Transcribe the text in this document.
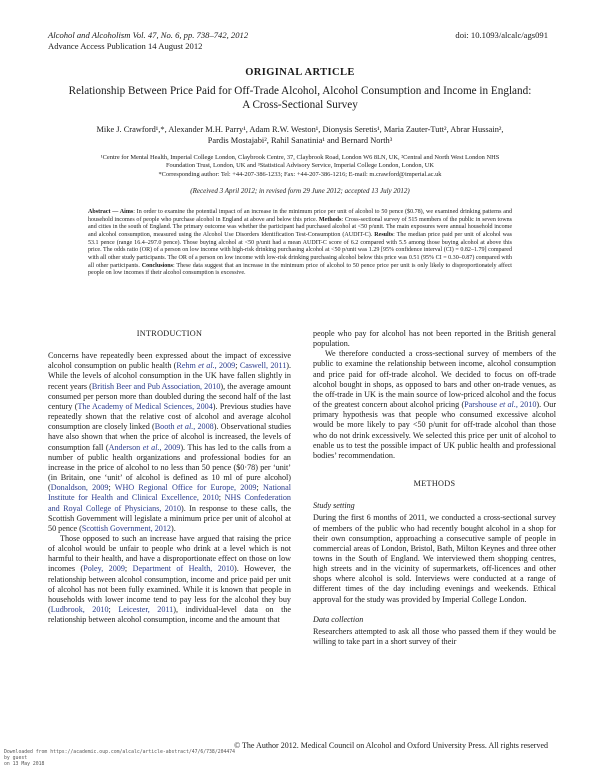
Alcohol and Alcoholism Vol. 47, No. 6, pp. 738–742, 2012
Advance Access Publication 14 August 2012
doi: 10.1093/alcalc/ags091
ORIGINAL ARTICLE
Relationship Between Price Paid for Off-Trade Alcohol, Alcohol Consumption and Income in England:
A Cross-Sectional Survey
Mike J. Crawford¹,*, Alexander M.H. Parry¹, Adam R.W. Weston¹, Dionysis Seretis¹, Maria Zauter-Tutt², Abrar Hussain²,
Pardis Mostajabi², Rahil Sanatinia¹ and Bernard North³
¹Centre for Mental Health, Imperial College London, Claybrook Centre, 37, Claybrook Road, London W6 8LN, UK, ²Central and North West London NHS
Foundation Trust, London, UK and ³Statistical Advisory Service, Imperial College London, London, UK
*Corresponding author: Tel: +44-207-386-1233; Fax: +44-207-386-1216; E-mail: m.crawford@imperial.ac.uk
(Received 3 April 2012; in revised form 29 June 2012; accepted 13 July 2012)
Abstract — Aims: In order to examine the potential impact of an increase in the minimum price per unit of alcohol to 50 pence ($0.78), we examined drinking patterns and household incomes of people who purchase alcohol in England at above and below this price. Methods: Cross-sectional survey of 515 members of the public in seven towns and cities in the south of England. The primary outcome was whether the participant had purchased alcohol at <50 p/unit. The main exposures were annual household income and alcohol consumption, measured using the Alcohol Use Disorders Identification Test-Consumption (AUDIT-C). Results: The median price paid per unit of alcohol was 53.1 pence (range 16.4–297.0 pence). Those buying alcohol at <50 p/unit had a mean AUDIT-C score of 6.2 compared with 5.5 among those buying alcohol at above this price. The odds ratio (OR) of a person on low income with high-risk drinking purchasing alcohol at <50 p/unit was 1.29 [95% confidence interval (CI) = 0.82–1.79] compared with all other study participants. The OR of a person on low income with low-risk drinking purchasing alcohol below this price was 0.51 (95% CI = 0.30–0.87) compared with all other participants. Conclusions: These data suggest that an increase in the minimum price of alcohol to 50 pence price per unit is only likely to disproportionately affect people on low incomes if their alcohol consumption is excessive.
INTRODUCTION

Concerns have repeatedly been expressed about the impact of excessive alcohol consumption on public health (Rehm et al., 2009; Caswell, 2011). While the levels of alcohol consumption in the UK have fallen slightly in recent years (British Beer and Pub Association, 2010), the average amount consumed per person more than doubled during the second half of the last century (The Academy of Medical Sciences, 2004). Previous studies have repeatedly shown that the relative cost of alcohol and average alcohol consumption are closely linked (Booth et al., 2008). Observational studies have also shown that when the price of alcohol is increased, the levels of consumption fall (Anderson et al., 2009). This has led to the calls from a number of public health organizations and professional bodies for an increase in the price of alcohol to no less than 50 pence ($0·78) per ‘unit’ (in Britain, one ‘unit’ of alcohol is defined as 10 ml of pure alcohol) (Donaldson, 2009; WHO Regional Office for Europe, 2009; National Institute for Health and Clinical Excellence, 2010; NHS Confederation and Royal College of Physicians, 2010). In response to these calls, the Scottish Government will legislate a minimum price per unit of alcohol at 50 pence (Scottish Government, 2012).

Those opposed to such an increase have argued that raising the price of alcohol would be unfair to people who drink at a level which is not harmful to their health, and have a disproportionate effect on those on low incomes (Poley, 2009; Department of Health, 2010). However, the relationship between alcohol consumption, income and price paid per unit of alcohol has not been fully examined. While it is known that people in households with lower income tend to pay less for the alcohol they buy (Ludbrook, 2010; Leicester, 2011), individual-level data on the relationship between alcohol consumption, income and the amount that

people who pay for alcohol has not been reported in the British general population.

We therefore conducted a cross-sectional survey of members of the public to examine the relationship between income, alcohol consumption and price paid for off-trade alcohol. We decided to focus on off-trade alcohol bought in shops, as opposed to bars and other on-trade venues, as the off-trade in UK is the main source of low-priced alcohol and the focus of the greatest concern about alcohol pricing (Parshouse et al., 2010). Our primary hypothesis was that people who consumed excessive alcohol would be more likely to pay <50 p/unit for off-trade alcohol than those who do not drink excessively. We selected this price per unit of alcohol to enable us to test the possible impact of UK public health and professional bodies’ recommendation.

METHODS
Study setting

During the first 6 months of 2011, we conducted a cross-sectional survey of members of the public who had recently bought alcohol in a shop for their own consumption, approaching a consecutive sample of people in commercial areas of London, Bristol, Bath, Milton Keynes and three other towns in the South of England. We interviewed them shopping centres, high streets and in the vicinity of supermarkets, off-licences and other shops where alcohol is sold. Interviews were conducted at a range of different times of the day including evenings and weekends. Ethical approval for the study was provided by Imperial College London.

Data collection

Researchers attempted to ask all those who passed them if they would be willing to take part in a short survey of their

© The Author 2012. Medical Council on Alcohol and Oxford University Press. All rights reserved
Downloaded from https://academic.oup.com/alcalc/article-abstract/47/6/738/204474
by guest
on 13 May 2018
